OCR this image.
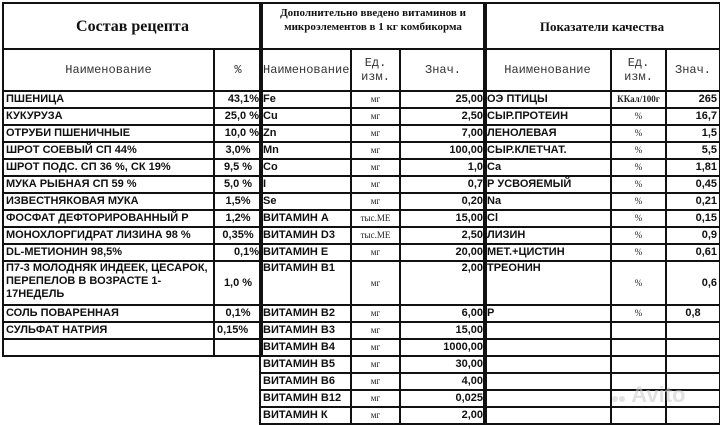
Состав рецепта	
Наименование	%
ПШЕНИЦА	43,1%
КУКУРУЗА	25,0 %
ОТРУБИ ПШЕНИЧНЫЕ	10,0 %
ШРОТ СОЕВЫЙ СП 44%	3,0%
ШРОТ ПОДС. СП 36 %, СК 19%	9,5 %
МУКА РЫБНАЯ СП 59 %	5,0 %
ИЗВЕСТНЯКОВАЯ МУКА	1,5%
ФОСФАТ ДЕФТОРИРОВАННЫЙ Р	1,2%
МОНОХЛОРГИДРАТ ЛИЗИНА 98 %	0,35%
DL-МЕТИОНИН 98,5%	0,1%
П7-3 МОЛОДНЯК ИНДЕЕК, ЦЕСАРОК, ПЕРЕПЕЛОВ В ВОЗРАСТЕ 1-17НЕДЕЛЬ	1,0 %
СОЛЬ ПОВАРЕННАЯ	0,1%
СУЛЬФАТ НАТРИЯ	0,15%

Дополнительно введено витаминов и микроэлементов в 1 кг комбикорма		
Наименование	Ед. изм.	Знач.
Fe	мг	25,00
Cu	мг	2,50
Zn	мг	7,00
Mn	мг	100,00
Co	мг	1,0
I	мг	0,7
Se	мг	0,20
ВИТАМИН А	тыс.МЕ	15,00
ВИТАМИН D3	тыс.МЕ	2,50
ВИТАМИН Е	мг	20,00
ВИТАМИН В1	мг	2,00
ВИТАМИН В2	мг	6,00
ВИТАМИН В3	мг	15,00
ВИТАМИН В4	мг	1000,00
ВИТАМИН В5	мг	30,00
ВИТАМИН В6	мг	4,00
ВИТАМИН В12	мг	0,025
ВИТАМИН К	мг	2,00
Показатели качества		
Наименование	Ед. изм.	Знач.
ОЭ ПТИЦЫ	ККал/100г	265
СЫР.ПРОТЕИН	%	16,7
ЛЕНОЛЕВАЯ	%	1,5
СЫР.КЛЕТЧАТ.	%	5,5
Ca	%	1,81
Р УСВОЯЕМЫЙ	%	0,45
Na	%	0,21
Cl	%	0,15
ЛИЗИН	%	0,9
МЕТ.+ЦИСТИН	%	0,61
ТРЕОНИН	%	0,6
Р	%	0,8

Avito
